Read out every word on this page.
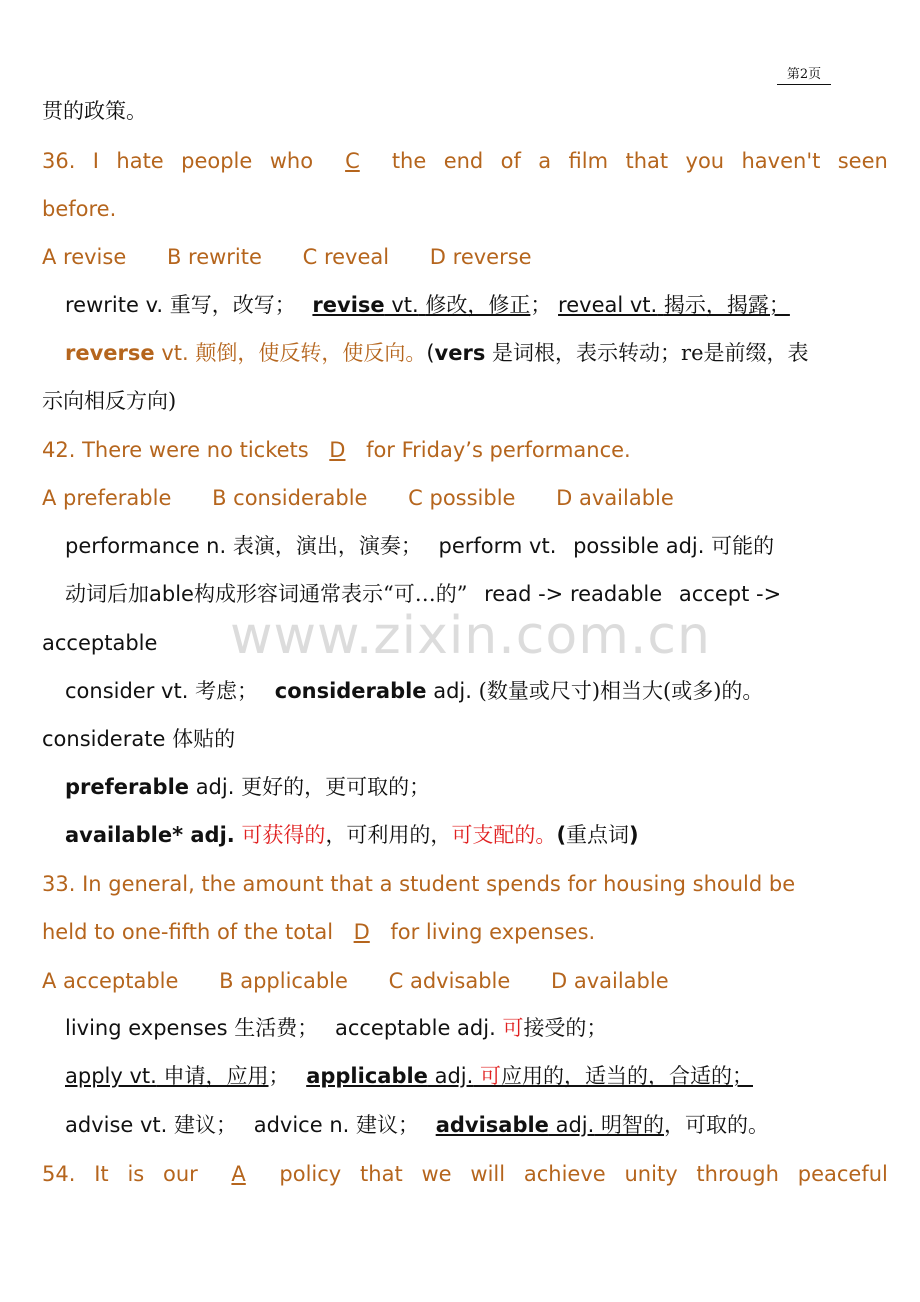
第2页
贯的政策。
36. I hate people who	C	the end of a film that you haven't seen
before.
A revise B rewrite C reveal D reverse
rewrite v. 重写，改写； revise vt. 修改，修正； reveal vt. 揭示，揭露；
reverse vt. 颠倒，使反转，使反向。(vers 是词根，表示转动；re是前缀，表
示向相反方向)
42. There were no tickets D for Friday’s performance.
A preferable B considerable C possible D available
performance n. 表演，演出，演奏； perform vt. possible adj. 可能的
动词后加able构成形容词通常表示“可…的” read -> readable accept ->
acceptable
consider vt. 考虑； considerable adj. (数量或尺寸)相当大(或多)的。
considerate 体贴的
preferable adj. 更好的，更可取的；
available* adj. 可获得的，可利用的，可支配的。(重点词)
33. In general, the amount that a student spends for housing should be
held to one-fifth of the total D for living expenses.
A acceptable B applicable C advisable D available
living expenses 生活费； acceptable adj. 可接受的；
apply vt. 申请，应用； applicable adj. 可应用的，适当的，合适的；
advise vt. 建议； advice n. 建议； advisable adj. 明智的，可取的。
54. It is our	A	policy that we will achieve unity through peaceful
www.zixin.com.cn
